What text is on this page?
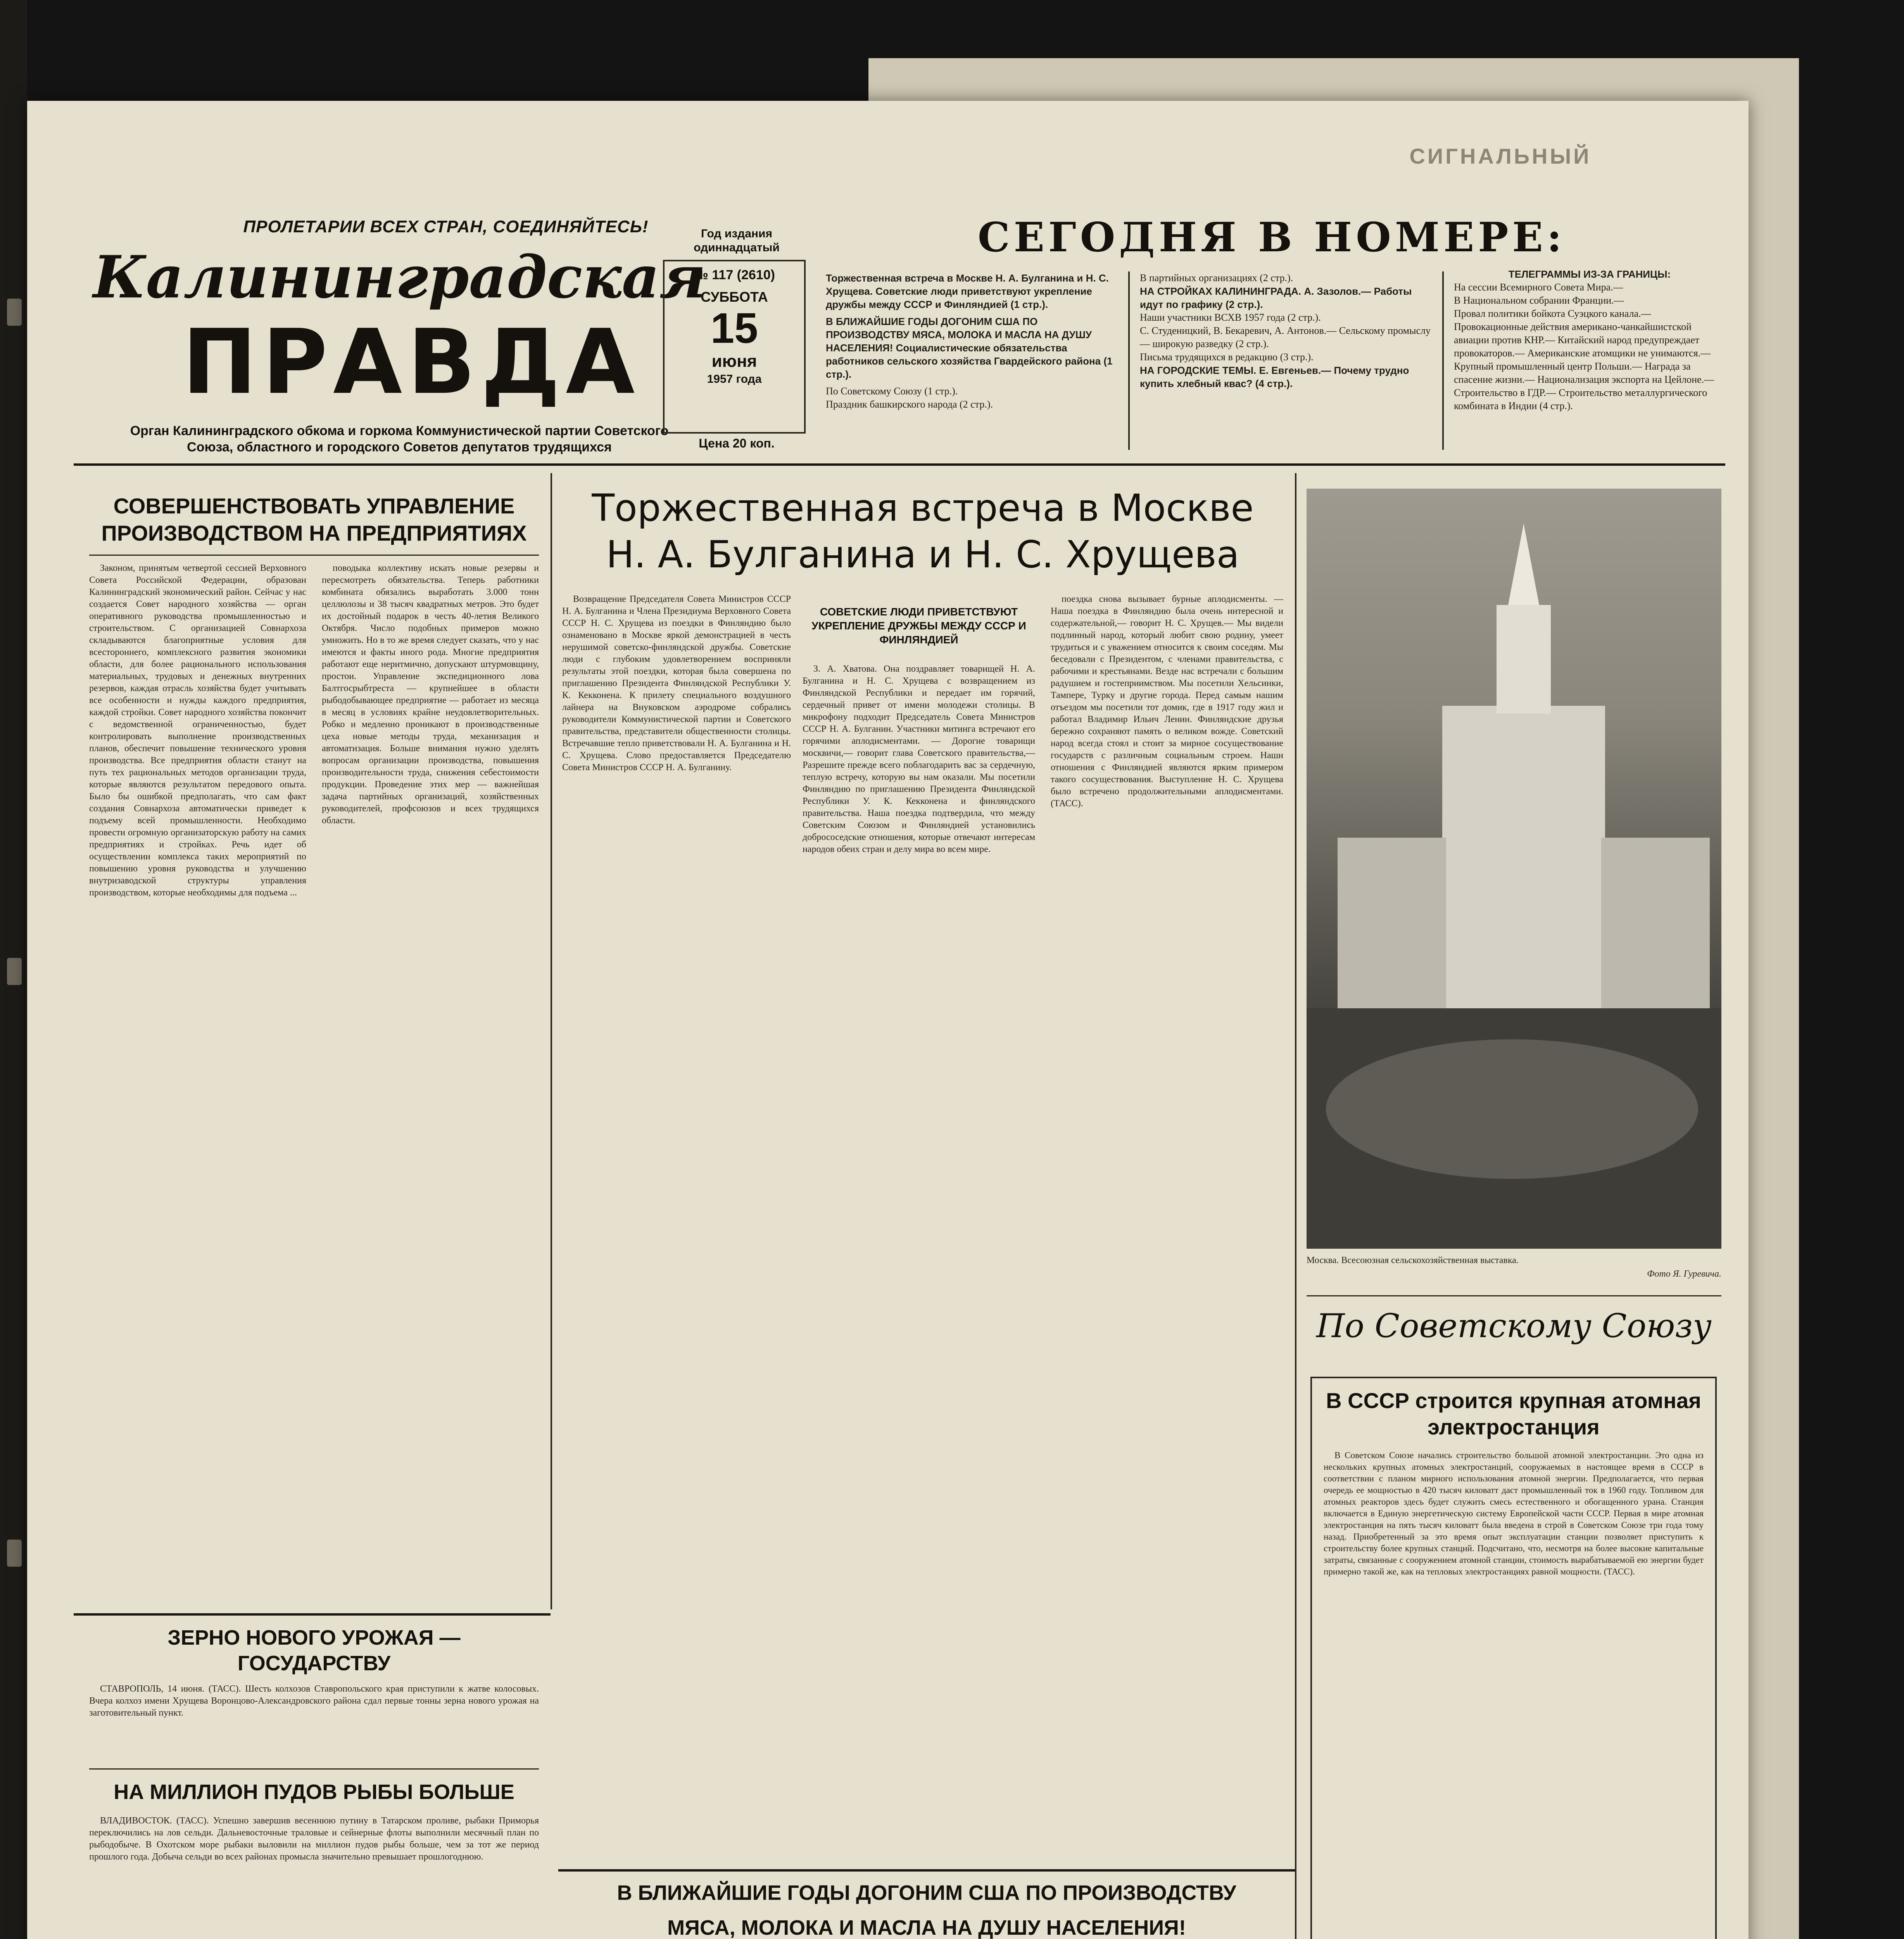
ПРОЛЕТАРИИ ВСЕХ СТРАН, СОЕДИНЯЙТЕСЬ!
Калининградская
ПРАВДА
Орган Калининградского обкома и горкома Коммунистической партии Советского Союза, областного и городского Советов депутатов трудящихся
Год издания одиннадцатый
№ 117 (2610)
СУББОТА
15
июня
1957 года
Цена 20 коп.
СИГНАЛЬНЫЙ
СЕГОДНЯ В НОМЕРЕ:

Торжественная встреча в Москве Н. А. Булганина и Н. С. Хрущева. Советские люди приветствуют укрепление дружбы между СССР и Финляндией (1 стр.).

В БЛИЖАЙШИЕ ГОДЫ ДОГОНИМ США ПО ПРОИЗВОДСТВУ МЯСА, МОЛОКА И МАСЛА НА ДУШУ НАСЕЛЕНИЯ! Социалистические обязательства работников сельского хозяйства Гвардейского района (1 стр.).

По Советскому Союзу (1 стр.).

Праздник башкирского народа (2 стр.).

В партийных организациях (2 стр.).

НА СТРОЙКАХ КАЛИНИНГРАДА. А. Зазолов.— Работы идут по графику (2 стр.).

Наши участники ВСХВ 1957 года (2 стр.).

С. Студеницкий, В. Бекаревич, А. Антонов.— Сельскому промыслу — широкую разведку (2 стр.).

Письма трудящихся в редакцию (3 стр.).

НА ГОРОДСКИЕ ТЕМЫ. Е. Евгеньев.— Почему трудно купить хлебный квас? (4 стр.).

ТЕЛЕГРАММЫ ИЗ-ЗА ГРАНИЦЫ:

На сессии Всемирного Совета Мира.—

В Национальном собрании Франции.—

Провал политики бойкота Суэцкого канала.— Провокационные действия американо-чанкайшистской авиации против КНР.— Китайский народ предупреждает провокаторов.— Американские атомщики не унимаются.— Крупный промышленный центр Польши.— Награда за спасение жизни.— Национализация экспорта на Цейлоне.— Строительство в ГДР.— Строительство металлургического комбината в Индии (4 стр.).

СОВЕРШЕНСТВОВАТЬ УПРАВЛЕНИЕ ПРОИЗВОДСТВОМ НА ПРЕДПРИЯТИЯХ

Законом, принятым четвертой сессией Верховного Совета Российской Федерации, образован Калининградский экономический район. Сейчас у нас создается Совет народного хозяйства — орган оперативного руководства промышленностью и строительством. С организацией Совнархоза складываются благоприятные условия для всестороннего, комплексного развития экономики области, для более рационального использования материальных, трудовых и денежных внутренних резервов, каждая отрасль хозяйства будет учитывать все особенности и нужды каждого предприятия, каждой стройки. Совет народного хозяйства покончит с ведомственной ограниченностью, будет контролировать выполнение производственных планов, обеспечит повышение технического уровня производства. Все предприятия области станут на путь тех рациональных методов организации труда, которые являются результатом передового опыта. Было бы ошибкой предполагать, что сам факт создания Совнархоза автоматически приведет к подъему всей промышленности. Необходимо провести огромную организаторскую работу на самих предприятиях и стройках. Речь идет об осуществлении комплекса таких мероприятий по повышению уровня руководства и улучшению внутризаводской структуры управления производством, которые необходимы для подъема ...

поводыка коллективу искать новые резервы и пересмотреть обязательства. Теперь работники комбината обязались выработать 3.000 тонн целлюлозы и 38 тысяч квадратных метров. Это будет их достойный подарок в честь 40-летия Великого Октября. Число подобных примеров можно умножить. Но в то же время следует сказать, что у нас имеются и факты иного рода. Многие предприятия работают еще неритмично, допускают штурмовщину, простои. Управление экспедиционного лова Балтгосрыбтреста — крупнейшее в области рыбодобывающее предприятие — работает из месяца в месяц в условиях крайне неудовлетворительных. Робко и медленно проникают в производственные цеха новые методы труда, механизация и автоматизация. Больше внимания нужно уделять вопросам организации производства, повышения производительности труда, снижения себестоимости продукции. Проведение этих мер — важнейшая задача партийных организаций, хозяйственных руководителей, профсоюзов и всех трудящихся области.

Торжественная встреча в Москве
Н. А. Булганина и Н. С. Хрущева

Возвращение Председателя Совета Министров СССР Н. А. Булганина и Члена Президиума Верховного Совета СССР Н. С. Хрущева из поездки в Финляндию было ознаменовано в Москве яркой демонстрацией в честь нерушимой советско-финляндской дружбы. Советские люди с глубоким удовлетворением восприняли результаты этой поездки, которая была совершена по приглашению Президента Финляндской Республики У. К. Кекконена. К прилету специального воздушного лайнера на Внуковском аэродроме собрались руководители Коммунистической партии и Советского правительства, представители общественности столицы. Встречавшие тепло приветствовали Н. А. Булганина и Н. С. Хрущева. Слово предоставляется Председателю Совета Министров СССР Н. А. Булганину.

СОВЕТСКИЕ ЛЮДИ ПРИВЕТСТВУЮТ УКРЕПЛЕНИЕ ДРУЖБЫ МЕЖДУ СССР И ФИНЛЯНДИЕЙ

З. А. Хватова. Она поздравляет товарищей Н. А. Булганина и Н. С. Хрущева с возвращением из Финляндской Республики и передает им горячий, сердечный привет от имени молодежи столицы. В микрофону подходит Председатель Совета Министров СССР Н. А. Булганин. Участники митинга встречают его горячими аплодисментами. — Дорогие товарищи москвичи,— говорит глава Советского правительства,— Разрешите прежде всего поблагодарить вас за сердечную, теплую встречу, которую вы нам оказали. Мы посетили Финляндию по приглашению Президента Финляндской Республики У. К. Кекконена и финляндского правительства. Наша поездка подтвердила, что между Советским Союзом и Финляндией установились добрососедские отношения, которые отвечают интересам народов обеих стран и делу мира во всем мире.

поездка снова вызывает бурные аплодисменты. — Наша поездка в Финляндию была очень интересной и содержательной,— говорит Н. С. Хрущев.— Мы видели подлинный народ, который любит свою родину, умеет трудиться и с уважением относится к своим соседям. Мы беседовали с Президентом, с членами правительства, с рабочими и крестьянами. Везде нас встречали с большим радушием и гостеприимством. Мы посетили Хельсинки, Тампере, Турку и другие города. Перед самым нашим отъездом мы посетили тот домик, где в 1917 году жил и работал Владимир Ильич Ленин. Финляндские друзья бережно сохраняют память о великом вожде. Советский народ всегда стоял и стоит за мирное сосуществование государств с различным социальным строем. Наши отношения с Финляндией являются ярким примером такого сосуществования. Выступление Н. С. Хрущева было встречено продолжительными аплодисментами. (ТАСС).

Москва. Всесоюзная сельскохозяйственная выставка.
Фото Я. Гуревича.
По Советскому Союзу
В СССР строится крупная атомная электростанция

В Советском Союзе начались строительство большой атомной электростанции. Это одна из нескольких крупных атомных электростанций, сооружаемых в настоящее время в СССР в соответствии с планом мирного использования атомной энергии. Предполагается, что первая очередь ее мощностью в 420 тысяч киловатт даст промышленный ток в 1960 году. Топливом для атомных реакторов здесь будет служить смесь естественного и обогащенного урана. Станция включается в Единую энергетическую систему Европейской части СССР. Первая в мире атомная электростанция на пять тысяч киловатт была введена в строй в Советском Союзе три года тому назад. Приобретенный за это время опыт эксплуатации станции позволяет приступить к строительству более крупных станций. Подсчитано, что, несмотря на более высокие капитальные затраты, связанные с сооружением атомной станции, стоимость вырабатываемой ею энергии будет примерно такой же, как на тепловых электростанциях равной мощности. (ТАСС).

В БЛИЖАЙШИЕ ГОДЫ ДОГОНИМ США ПО ПРОИЗВОДСТВУ
МЯСА, МОЛОКА И МАСЛА НА ДУШУ НАСЕЛЕНИЯ!

ЗЕРНО НОВОГО УРОЖАЯ — ГОСУДАРСТВУ

СТАВРОПОЛЬ, 14 июня. (ТАСС). Шесть колхозов Ставропольского края приступили к жатве колосовых. Вчера колхоз имени Хрущева Воронцово-Александровского района сдал первые тонны зерна нового урожая на заготовительный пункт.

НА МИЛЛИОН ПУДОВ РЫБЫ БОЛЬШЕ

ВЛАДИВОСТОК. (ТАСС). Успешно завершив весеннюю путину в Татарском проливе, рыбаки Приморья переключились на лов сельди. Дальневосточные траловые и сейнерные флоты выполнили месячный план по рыбодобыче. В Охотском море рыбаки выловили на миллион пудов рыбы больше, чем за тот же период прошлого года. Добыча сельди во всех районах промысла значительно превышает прошлогоднюю.
